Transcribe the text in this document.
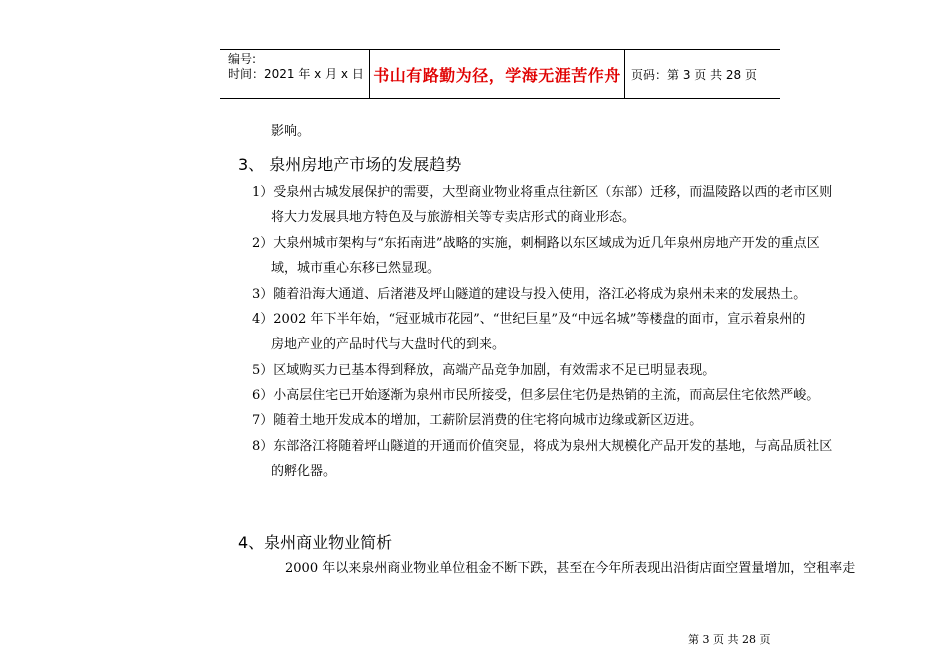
编号:
时间：2021 年 x 月 x 日 书山有路勤为径，学海无涯苦作舟 页码：第 3 页 共 28 页
影响。
3、 泉州房地产市场的发展趋势
1）受泉州古城发展保护的需要，大型商业物业将重点往新区（东部）迁移，而温陵路以西的老市区则
将大力发展具地方特色及与旅游相关等专卖店形式的商业形态。
2）大泉州城市架构与“东拓南进”战略的实施，刺桐路以东区域成为近几年泉州房地产开发的重点区
域，城市重心东移已然显现。
3）随着沿海大通道、后渚港及坪山隧道的建设与投入使用，洛江必将成为泉州未来的发展热土。
4）2002 年下半年始，“冠亚城市花园”、“世纪巨星”及“中远名城”等楼盘的面市，宣示着泉州的
房地产业的产品时代与大盘时代的到来。
5）区域购买力已基本得到释放，高端产品竞争加剧，有效需求不足已明显表现。
6）小高层住宅已开始逐渐为泉州市民所接受，但多层住宅仍是热销的主流，而高层住宅依然严峻。
7）随着土地开发成本的增加，工薪阶层消费的住宅将向城市边缘或新区迈进。
8）东部洛江将随着坪山隧道的开通而价值突显，将成为泉州大规模化产品开发的基地，与高品质社区
的孵化器。
4、泉州商业物业简析
2000 年以来泉州商业物业单位租金不断下跌，甚至在今年所表现出沿街店面空置量增加，空租率走
第 3 页 共 28 页
